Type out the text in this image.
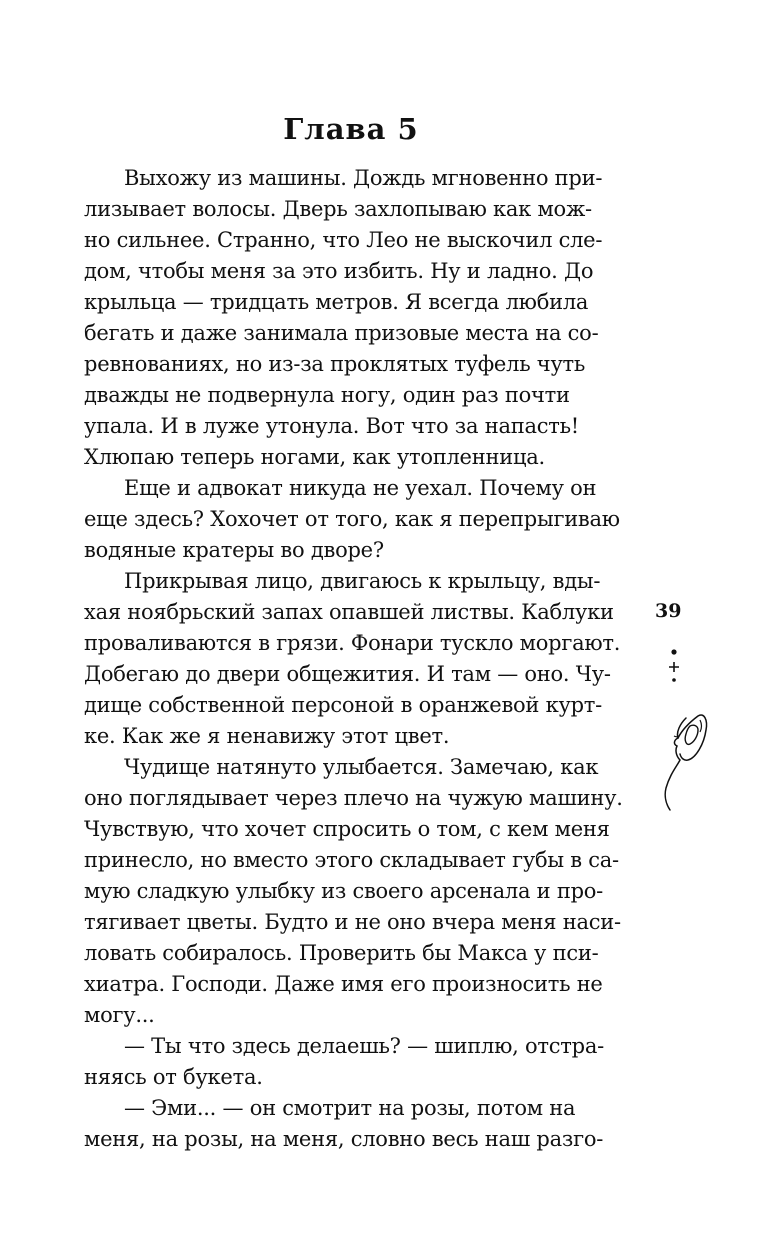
Глава 5
Выхожу из машины. Дождь мгновенно при-
лизывает волосы. Дверь захлопываю как мож-
но сильнее. Странно, что Лео не выскочил сле-
дом, чтобы меня за это избить. Ну и ладно. До
крыльца — тридцать метров. Я всегда любила
бегать и даже занимала призовые места на со-
ревнованиях, но из-за проклятых туфель чуть
дважды не подвернула ногу, один раз почти
упала. И в луже утонула. Вот что за напасть!
Хлюпаю теперь ногами, как утопленница.
Еще и адвокат никуда не уехал. Почему он
еще здесь? Хохочет от того, как я перепрыгиваю
водяные кратеры во дворе?
Прикрывая лицо, двигаюсь к крыльцу, вды-
хая ноябрьский запах опавшей листвы. Каблуки
проваливаются в грязи. Фонари тускло моргают.
Добегаю до двери общежития. И там — оно. Чу-
дище собственной персоной в оранжевой курт-
ке. Как же я ненавижу этот цвет.
Чудище натянуто улыбается. Замечаю, как
оно поглядывает через плечо на чужую машину.
Чувствую, что хочет спросить о том, с кем меня
принесло, но вместо этого складывает губы в са-
мую сладкую улыбку из своего арсенала и про-
тягивает цветы. Будто и не оно вчера меня наси-
ловать собиралось. Проверить бы Макса у пси-
хиатра. Господи. Даже имя его произносить не
могу...
— Ты что здесь делаешь? — шиплю, отстра-
няясь от букета.
— Эми... — он смотрит на розы, потом на
меня, на розы, на меня, словно весь наш разго-
39
